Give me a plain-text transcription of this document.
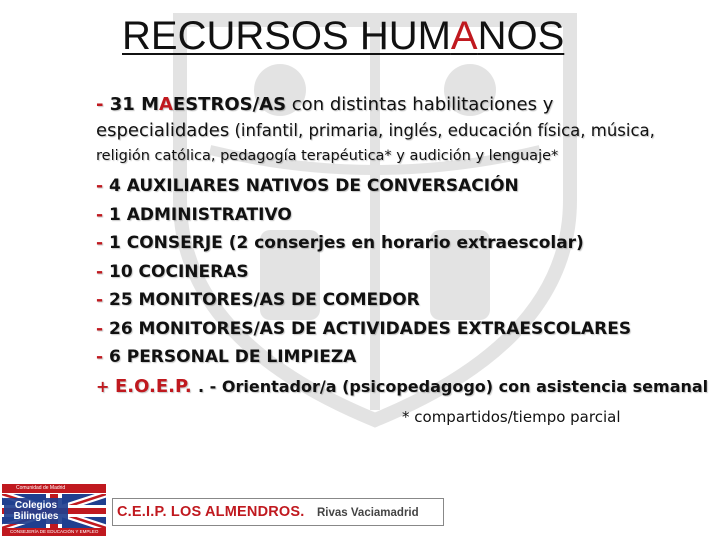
RECURSOS HUMANOS
- 31 MAESTROS/AS con distintas habilitaciones y
especialidades (infantil, primaria, inglés, educación física, música,
religión católica, pedagogía terapéutica* y audición y lenguaje*
- 4 AUXILIARES NATIVOS DE CONVERSACIÓN
- 1 ADMINISTRATIVO
- 1 CONSERJE (2 conserjes en horario extraescolar)
- 10 COCINERAS
- 25 MONITORES/AS DE COMEDOR
- 26 MONITORES/AS DE ACTIVIDADES EXTRAESCOLARES
- 6 PERSONAL DE LIMPIEZA
+ E.O.E.P. . - Orientador/a (psicopedagogo) con asistencia semanal
* compartidos/tiempo parcial
Comunidad de Madrid
Colegios
Bilingües
CONSEJERÍA DE EDUCACIÓN Y EMPLEO
C.E.I.P. LOS ALMENDROS. Rivas Vaciamadrid
